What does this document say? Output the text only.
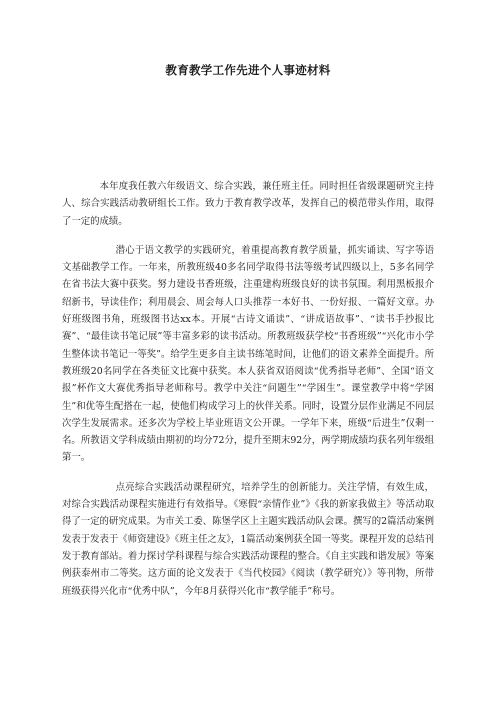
教育教学工作先进个人事迹材料

本年度我任教六年级语文、综合实践，兼任班主任。同时担任省级课题研究主持人、综合实践活动教研组长工作。致力于教育教学改革，发挥自己的模范带头作用，取得了一定的成绩。

潜心于语文教学的实践研究，着重提高教育教学质量，抓实诵读、写字等语文基础教学工作。一年来，所教班级40多名同学取得书法等级考试四级以上，5多名同学在省书法大赛中获奖。努力建设书香班级，注重建构班级良好的读书氛围。利用黑板报介绍新书，导读佳作；利用晨会、周会每人口头推荐一本好书、一份好报、一篇好文章。办好班级图书角，班级图书达xx本。开展“古诗文诵读”、“讲成语故事”、“读书手抄报比赛”、“最佳读书笔记展”等丰富多彩的读书活动。所教班级获学校“书香班级”“兴化市小学生整体读书笔记一等奖”。给学生更多自主读书练笔时间，让他们的语文素养全面提升。所教班级20名同学在各类征文比赛中获奖。本人获省双语阅读“优秀指导老师”、全国“语文报”杯作文大赛优秀指导老师称号。教学中关注“问题生”“学困生”。课堂教学中将“学困生”和优等生配搭在一起，使他们构成学习上的伙伴关系。同时，设置分层作业满足不同层次学生发展需求。还多次为学校上毕业班语文公开课。一学年下来，班级“后进生”仅剩一名。所教语文学科成绩由期初的均分72分，提升至期末92分，两学期成绩均获名列年级组第一。

点亮综合实践活动课程研究，培养学生的创新能力。关注学情，有效生成，对综合实践活动课程实施进行有效指导。《寒假“亲情作业”》《我的新家我做主》等活动取得了一定的研究成果。为市关工委、陈堡学区上主题实践活动队会课。撰写的2篇活动案例发表于发表于《师资建设》《班主任之友》，1篇活动案例获全国一等奖。课程开发的总结刊发于教育部站。着力探讨学科课程与综合实践活动课程的整合。《自主实践和谐发展》等案例获泰州市二等奖。这方面的论文发表于《当代校园》《阅读（教学研究）》等刊物，所带班级获得兴化市“优秀中队”，今年8月获得兴化市“教学能手”称号。
